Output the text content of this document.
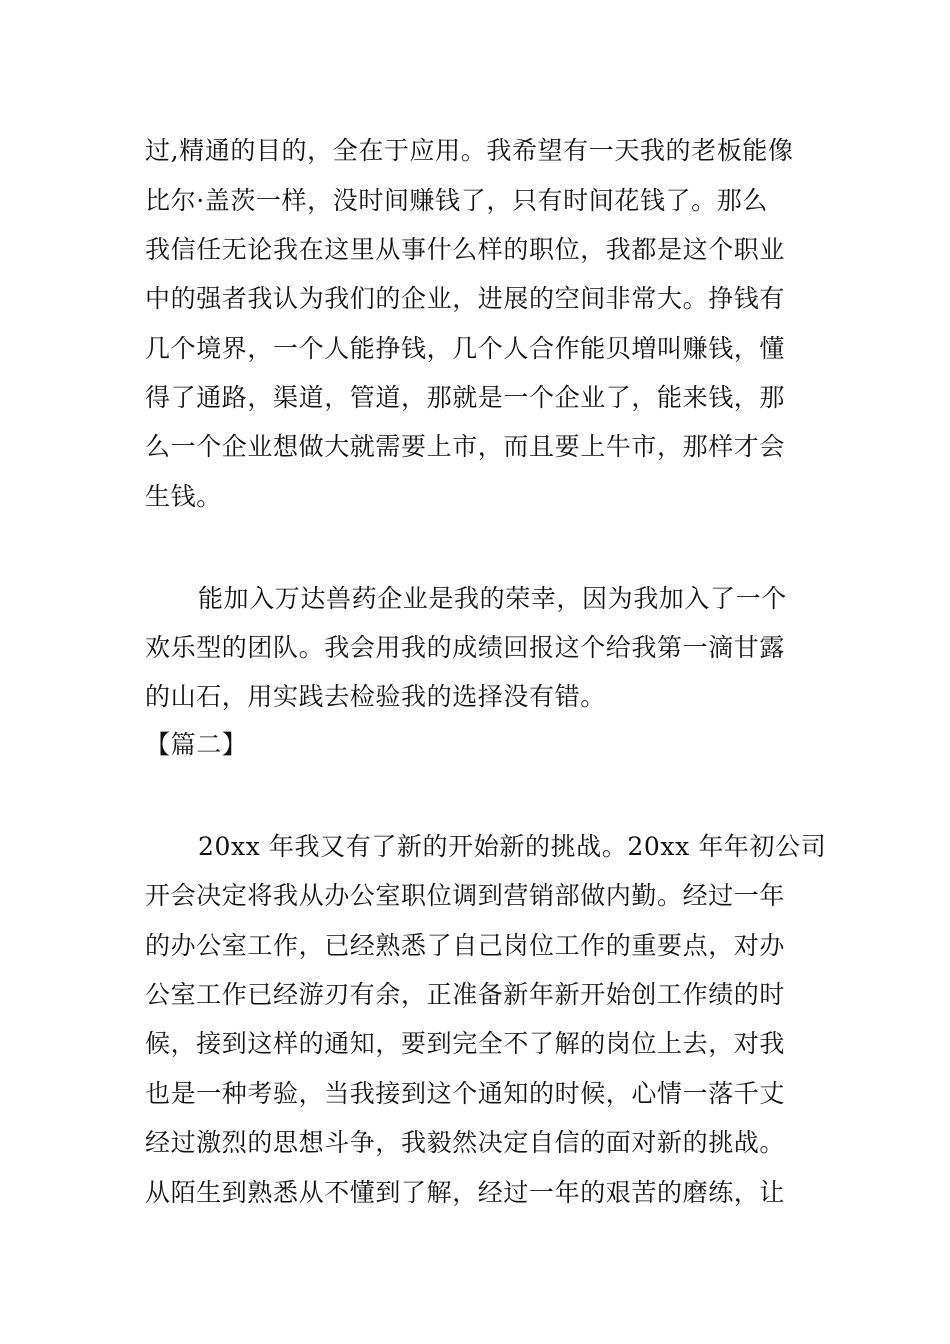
过,精通的目的，全在于应用。我希望有一天我的老板能像
比尔·盖茨一样，没时间赚钱了，只有时间花钱了。那么
我信任无论我在这里从事什么样的职位，我都是这个职业
中的强者我认为我们的企业，进展的空间非常大。挣钱有
几个境界，一个人能挣钱，几个人合作能贝増叫赚钱，懂
得了通路，渠道，管道，那就是一个企业了，能来钱，那
么一个企业想做大就需要上市，而且要上牛市，那样才会
生钱。
能加入万达兽药企业是我的荣幸，因为我加入了一个
欢乐型的团队。我会用我的成绩回报这个给我第一滴甘露
的山石，用实践去检验我的选择没有错。
【篇二】
20xx 年我又有了新的开始新的挑战。20xx 年年初公司
开会决定将我从办公室职位调到营销部做内勤。经过一年
的办公室工作，已经熟悉了自己岗位工作的重要点，对办
公室工作已经游刃有余，正准备新年新开始创工作绩的时
候，接到这样的通知，要到完全不了解的岗位上去，对我
也是一种考验，当我接到这个通知的时候，心情一落千丈
经过激烈的思想斗争，我毅然决定自信的面对新的挑战。
从陌生到熟悉从不懂到了解，经过一年的艰苦的磨练，让
